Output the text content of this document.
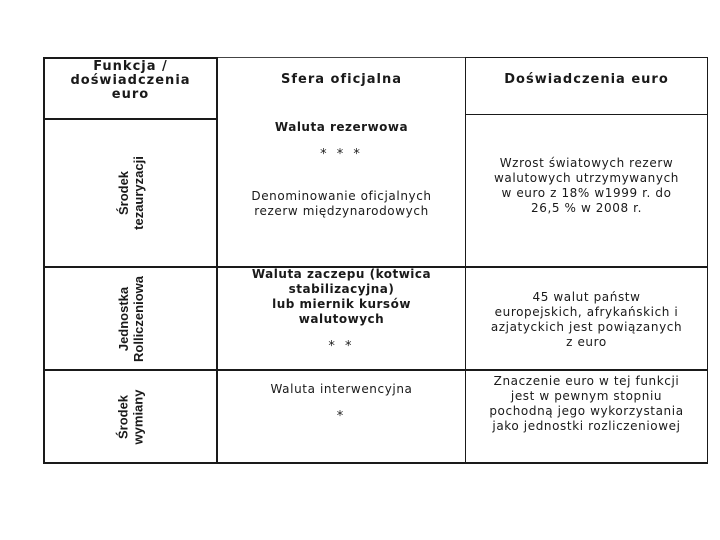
Funkcja /
doświadczenia
euro
Sfera oficjalna	Doświadczenia euro
Środek tezauryzacji
Waluta rezerwowa
* * *
Denominowanie oficjalnych
rezerw międzynarodowych
Wzrost światowych rezerw
walutowych utrzymywanych
w euro z 18% w1999 r. do
26,5 % w 2008 r.
Jednostka Rolliczeniowa
Waluta zaczepu (kotwica
stabilizacyjna)
lub miernik kursów
walutowych
* *
45 walut państw
europejskich, afrykańskich i
azjatyckich jest powiązanych
z euro
Środek wymiany
Waluta interwencyjna
*
Znaczenie euro w tej funkcji
jest w pewnym stopniu
pochodną jego wykorzystania
jako jednostki rozliczeniowej
